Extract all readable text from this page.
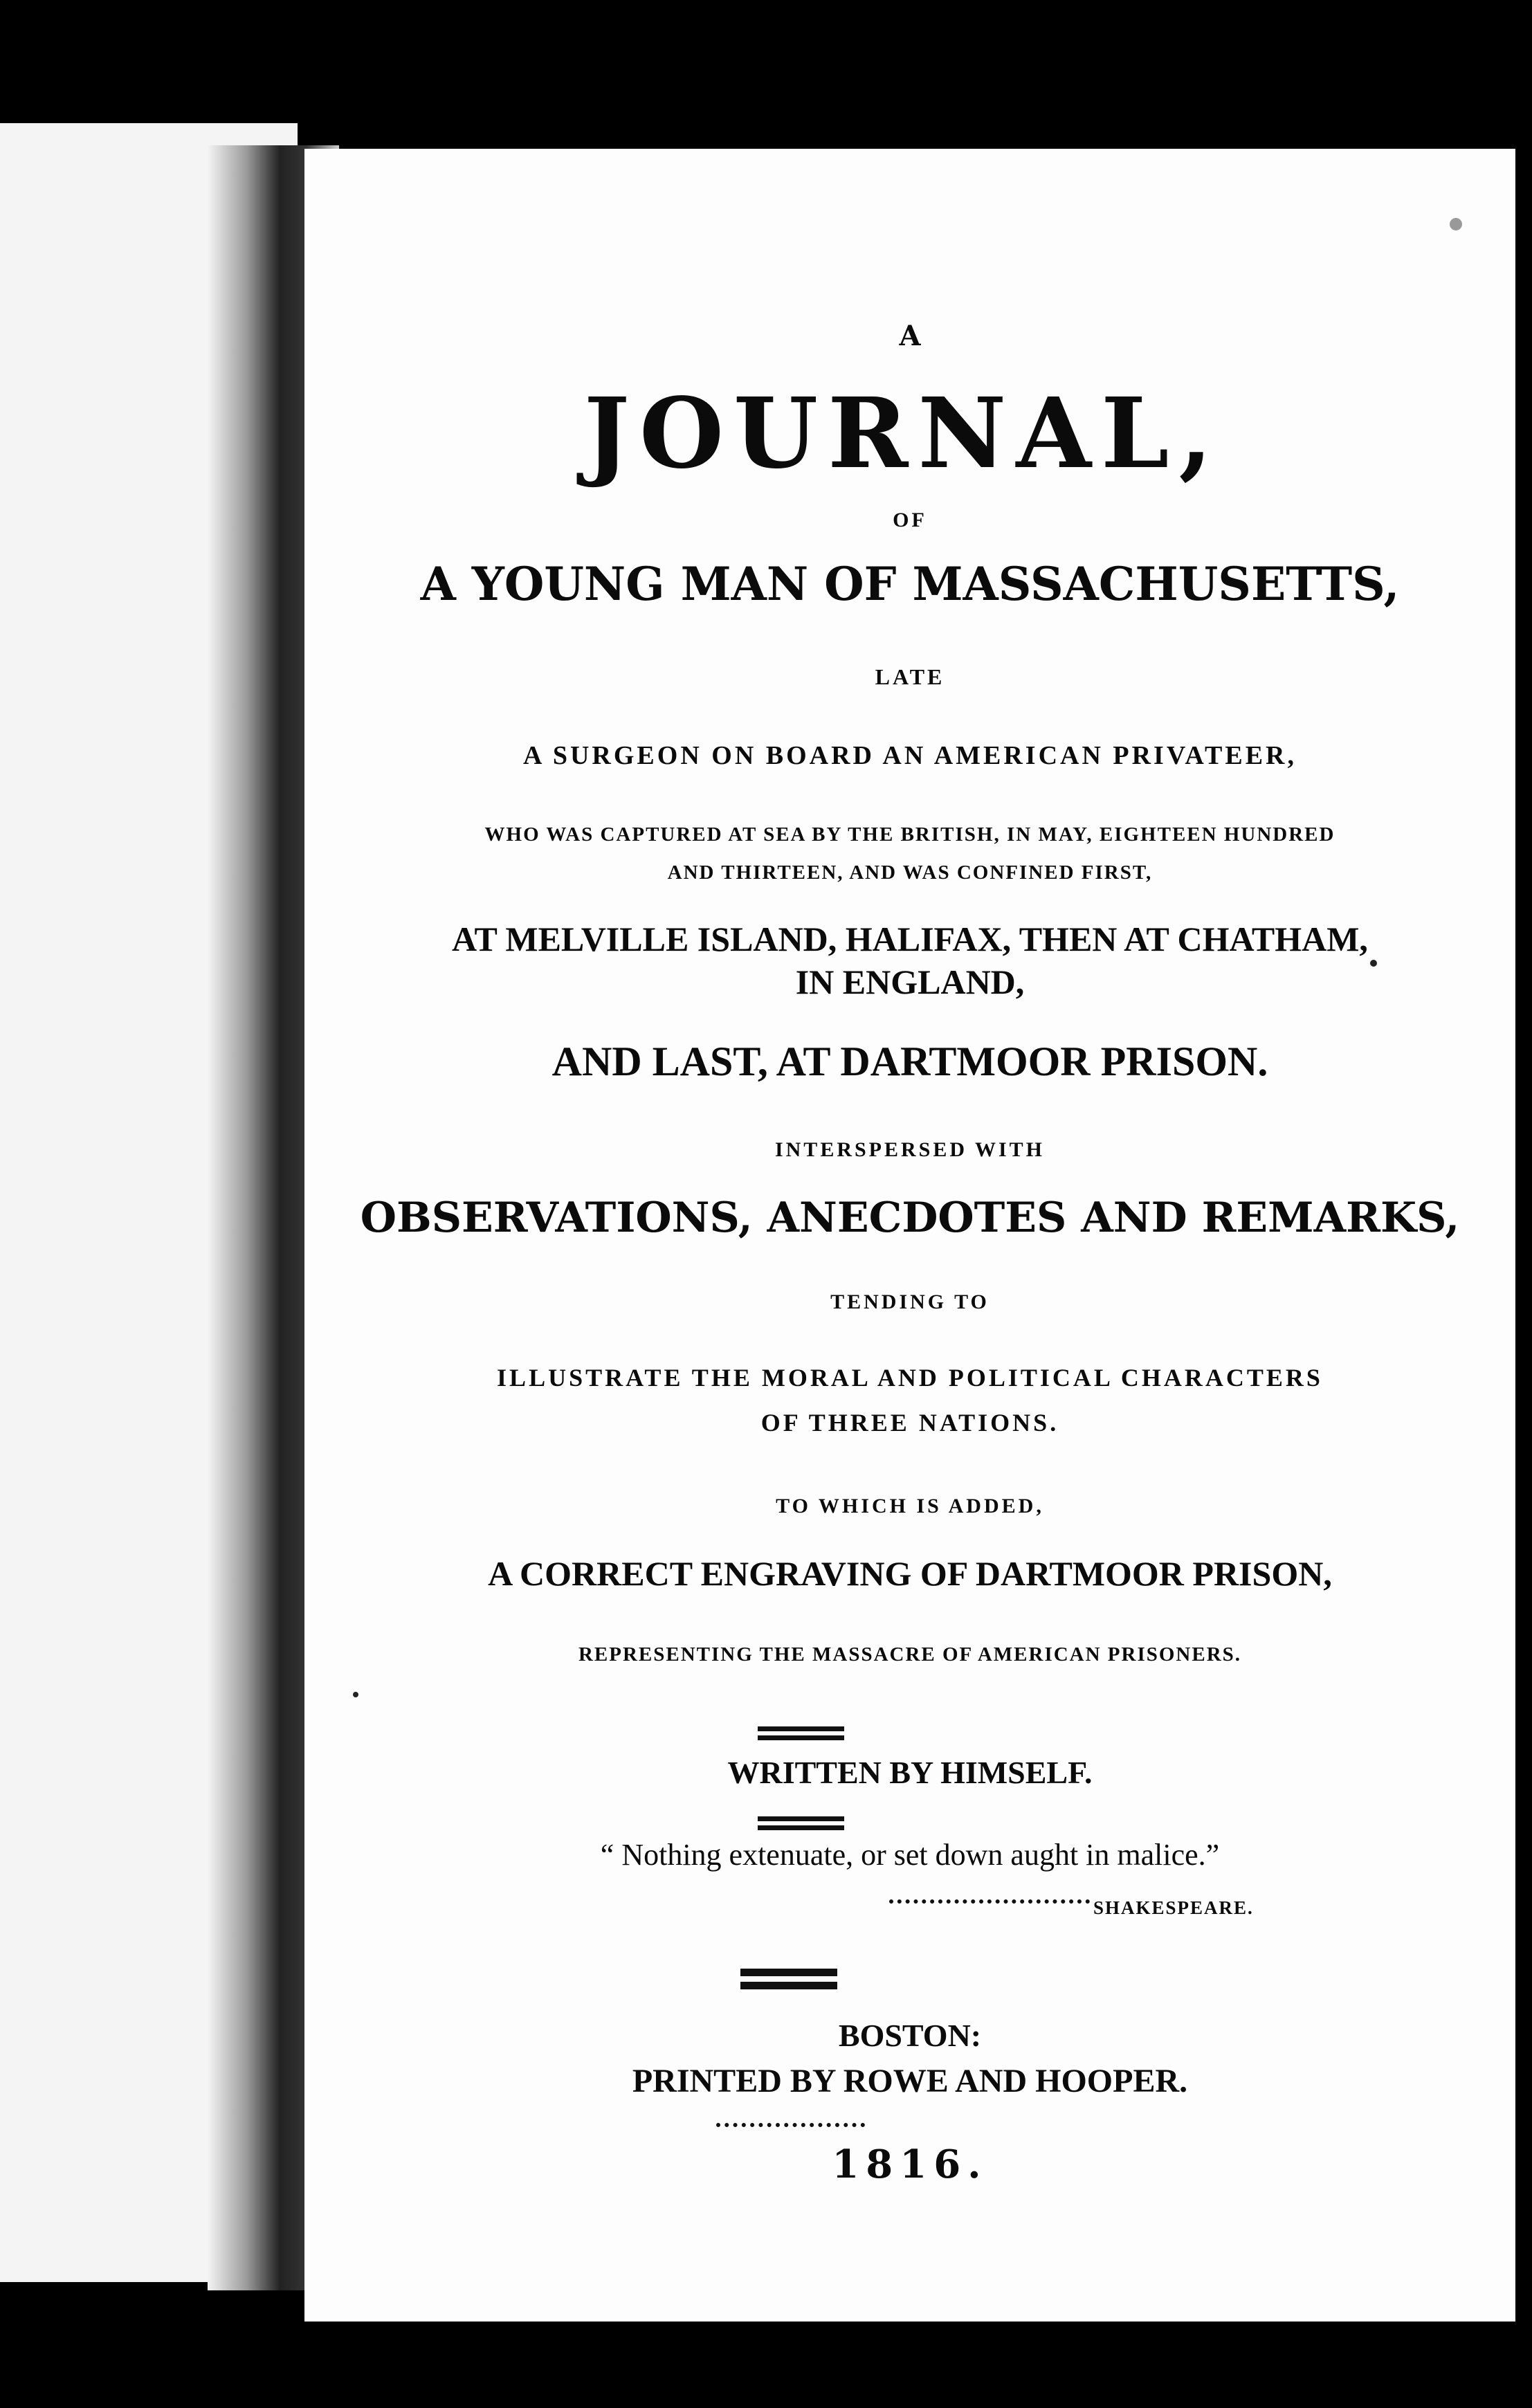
A
JOURNAL,
OF
A YOUNG MAN OF MASSACHUSETTS,
LATE
A SURGEON ON BOARD AN AMERICAN PRIVATEER,
WHO WAS CAPTURED AT SEA BY THE BRITISH, IN MAY, EIGHTEEN HUNDRED
AND THIRTEEN, AND WAS CONFINED FIRST,
AT MELVILLE ISLAND, HALIFAX, THEN AT CHATHAM,
IN ENGLAND,
AND LAST, AT DARTMOOR PRISON.
INTERSPERSED WITH
OBSERVATIONS, ANECDOTES AND REMARKS,
TENDING TO
ILLUSTRATE THE MORAL AND POLITICAL CHARACTERS
OF THREE NATIONS.
TO WHICH IS ADDED,
A CORRECT ENGRAVING OF DARTMOOR PRISON,
REPRESENTING THE MASSACRE OF AMERICAN PRISONERS.
WRITTEN BY HIMSELF.
“ Nothing extenuate, or set down aught in malice.”
SHAKESPEARE.
BOSTON:
PRINTED BY ROWE AND HOOPER.
1816.
